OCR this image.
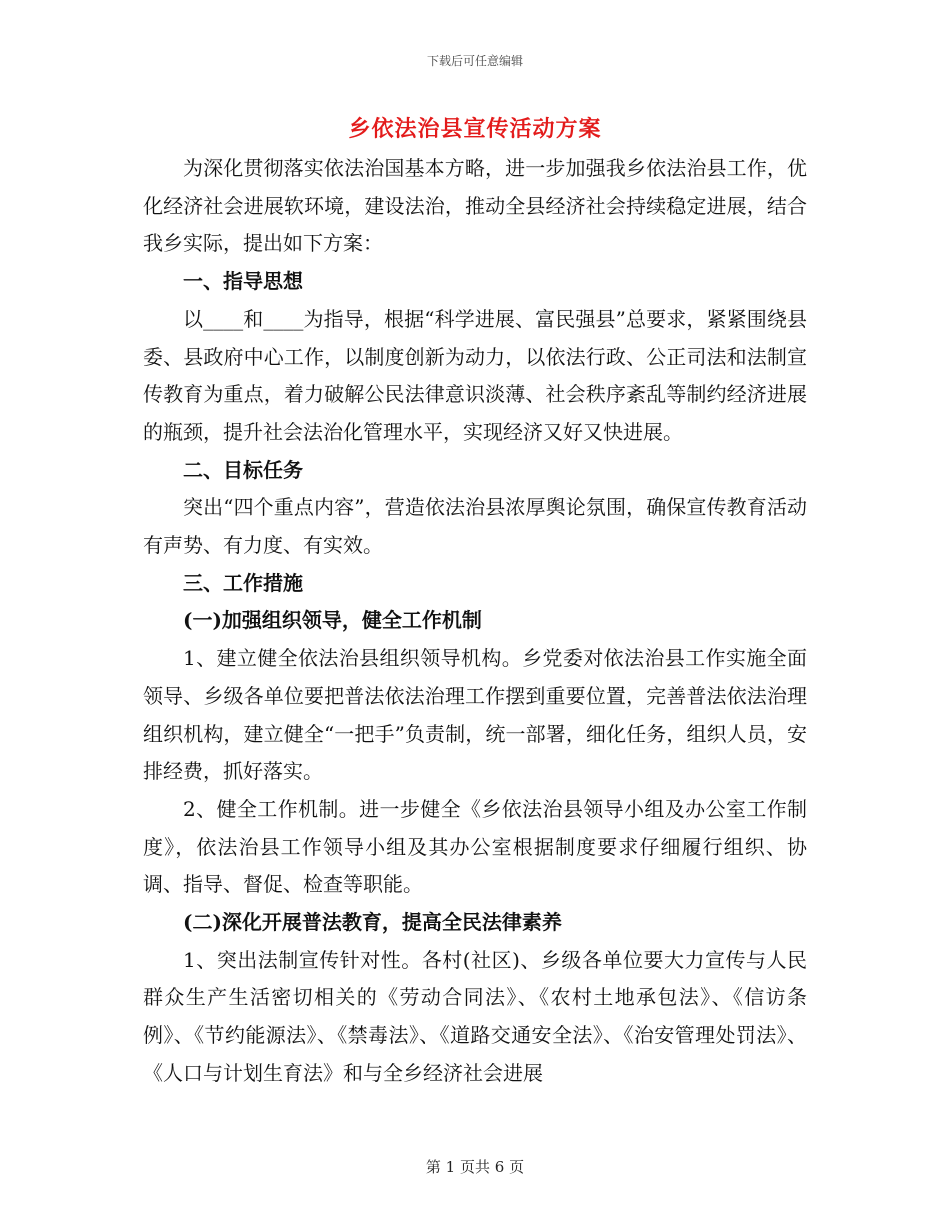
下载后可任意编辑
乡依法治县宣传活动方案

为深化贯彻落实依法治国基本方略，进一步加强我乡依法治县工作，优化经济社会进展软环境，建设法治，推动全县经济社会持续稳定进展，结合我乡实际，提出如下方案：

一、指导思想

以____和____为指导，根据“科学进展、富民强县”总要求，紧紧围绕县委、县政府中心工作，以制度创新为动力，以依法行政、公正司法和法制宣传教育为重点，着力破解公民法律意识淡薄、社会秩序紊乱等制约经济进展的瓶颈，提升社会法治化管理水平，实现经济又好又快进展。

二、目标任务

突出“四个重点内容”，营造依法治县浓厚舆论氛围，确保宣传教育活动有声势、有力度、有实效。

三、工作措施

(一)加强组织领导，健全工作机制

1、建立健全依法治县组织领导机构。乡党委对依法治县工作实施全面领导、乡级各单位要把普法依法治理工作摆到重要位置，完善普法依法治理组织机构，建立健全“一把手”负责制，统一部署，细化任务，组织人员，安排经费，抓好落实。

2、健全工作机制。进一步健全《乡依法治县领导小组及办公室工作制度》，依法治县工作领导小组及其办公室根据制度要求仔细履行组织、协调、指导、督促、检查等职能。

(二)深化开展普法教育，提高全民法律素养

1、突出法制宣传针对性。各村(社区)、乡级各单位要大力宣传与人民群众生产生活密切相关的《劳动合同法》、《农村土地承包法》、《信访条例》、《节约能源法》、《禁毒法》、《道路交通安全法》、《治安管理处罚法》、《人口与计划生育法》和与全乡经济社会进展

第 1 页共 6 页
